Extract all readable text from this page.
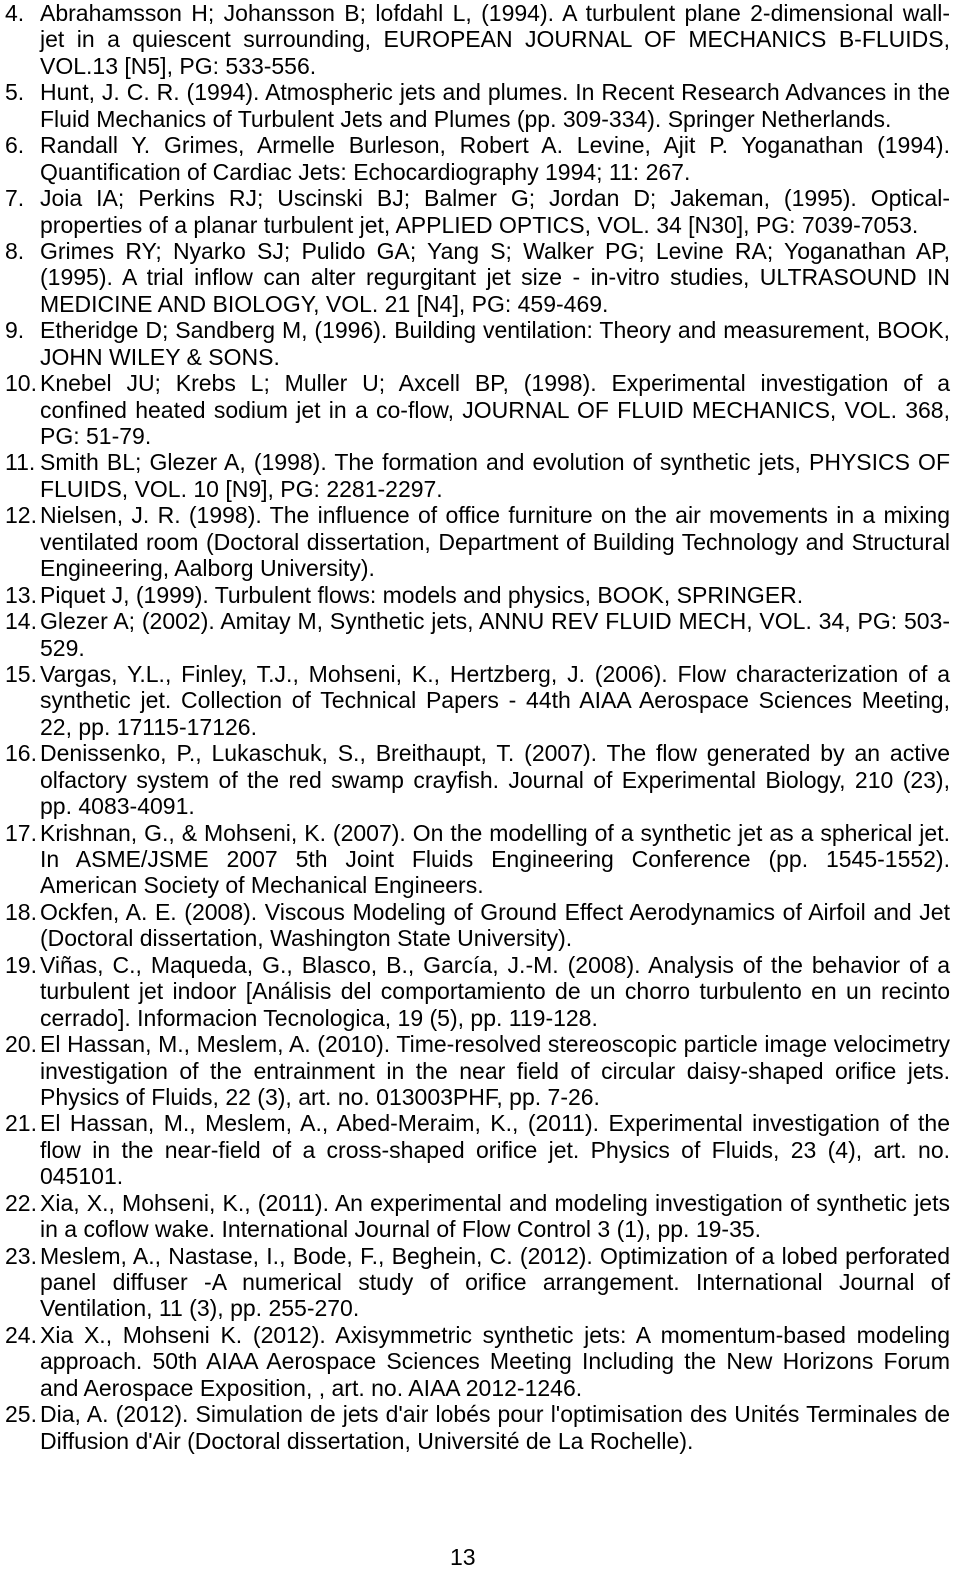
4. Abrahamsson H; Johansson B; lofdahl L, (1994). A turbulent plane 2-dimensional wall-
jet in a quiescent surrounding, EUROPEAN JOURNAL OF MECHANICS B-FLUIDS,
VOL.13 [N5], PG: 533-556.
5. Hunt, J. C. R. (1994). Atmospheric jets and plumes. In Recent Research Advances in the
Fluid Mechanics of Turbulent Jets and Plumes (pp. 309-334). Springer Netherlands.
6. Randall Y. Grimes, Armelle Burleson, Robert A. Levine, Ajit P. Yoganathan (1994).
Quantification of Cardiac Jets: Echocardiography 1994; 11: 267.
7. Joia IA; Perkins RJ; Uscinski BJ; Balmer G; Jordan D; Jakeman, (1995). Optical-
properties of a planar turbulent jet, APPLIED OPTICS, VOL. 34 [N30], PG: 7039-7053.
8. Grimes RY; Nyarko SJ; Pulido GA; Yang S; Walker PG; Levine RA; Yoganathan AP,
(1995). A trial inflow can alter regurgitant jet size - in-vitro studies, ULTRASOUND IN
MEDICINE AND BIOLOGY, VOL. 21 [N4], PG: 459-469.
9. Etheridge D; Sandberg M, (1996). Building ventilation: Theory and measurement, BOOK,
JOHN WILEY & SONS.
10. Knebel JU; Krebs L; Muller U; Axcell BP, (1998). Experimental investigation of a
confined heated sodium jet in a co-flow, JOURNAL OF FLUID MECHANICS, VOL. 368,
PG: 51-79.
11. Smith BL; Glezer A, (1998). The formation and evolution of synthetic jets, PHYSICS OF
FLUIDS, VOL. 10 [N9], PG: 2281-2297.
12. Nielsen, J. R. (1998). The influence of office furniture on the air movements in a mixing
ventilated room (Doctoral dissertation, Department of Building Technology and Structural
Engineering, Aalborg University).
13. Piquet J, (1999). Turbulent flows: models and physics, BOOK, SPRINGER.
14. Glezer A; (2002). Amitay M, Synthetic jets, ANNU REV FLUID MECH, VOL. 34, PG: 503-
529.
15. Vargas, Y.L., Finley, T.J., Mohseni, K., Hertzberg, J. (2006). Flow characterization of a
synthetic jet. Collection of Technical Papers - 44th AIAA Aerospace Sciences Meeting,
22, pp. 17115-17126.
16. Denissenko, P., Lukaschuk, S., Breithaupt, T. (2007). The flow generated by an active
olfactory system of the red swamp crayfish. Journal of Experimental Biology, 210 (23),
pp. 4083-4091.
17. Krishnan, G., & Mohseni, K. (2007). On the modelling of a synthetic jet as a spherical jet.
In ASME/JSME 2007 5th Joint Fluids Engineering Conference (pp. 1545-1552).
American Society of Mechanical Engineers.
18. Ockfen, A. E. (2008). Viscous Modeling of Ground Effect Aerodynamics of Airfoil and Jet
(Doctoral dissertation, Washington State University).
19. Viñas, C., Maqueda, G., Blasco, B., García, J.-M. (2008). Analysis of the behavior of a
turbulent jet indoor [Análisis del comportamiento de un chorro turbulento en un recinto
cerrado]. Informacion Tecnologica, 19 (5), pp. 119-128.
20. El Hassan, M., Meslem, A. (2010). Time-resolved stereoscopic particle image velocimetry
investigation of the entrainment in the near field of circular daisy-shaped orifice jets.
Physics of Fluids, 22 (3), art. no. 013003PHF, pp. 7-26.
21. El Hassan, M., Meslem, A., Abed-Meraim, K., (2011). Experimental investigation of the
flow in the near-field of a cross-shaped orifice jet. Physics of Fluids, 23 (4), art. no.
045101.
22. Xia, X., Mohseni, K., (2011). An experimental and modeling investigation of synthetic jets
in a coflow wake. International Journal of Flow Control 3 (1), pp. 19-35.
23. Meslem, A., Nastase, I., Bode, F., Beghein, C. (2012). Optimization of a lobed perforated
panel diffuser -A numerical study of orifice arrangement. International Journal of
Ventilation, 11 (3), pp. 255-270.
24. Xia X., Mohseni K. (2012). Axisymmetric synthetic jets: A momentum-based modeling
approach. 50th AIAA Aerospace Sciences Meeting Including the New Horizons Forum
and Aerospace Exposition, , art. no. AIAA 2012-1246.
25. Dia, A. (2012). Simulation de jets d'air lobés pour l'optimisation des Unités Terminales de
Diffusion d'Air (Doctoral dissertation, Université de La Rochelle).
13
